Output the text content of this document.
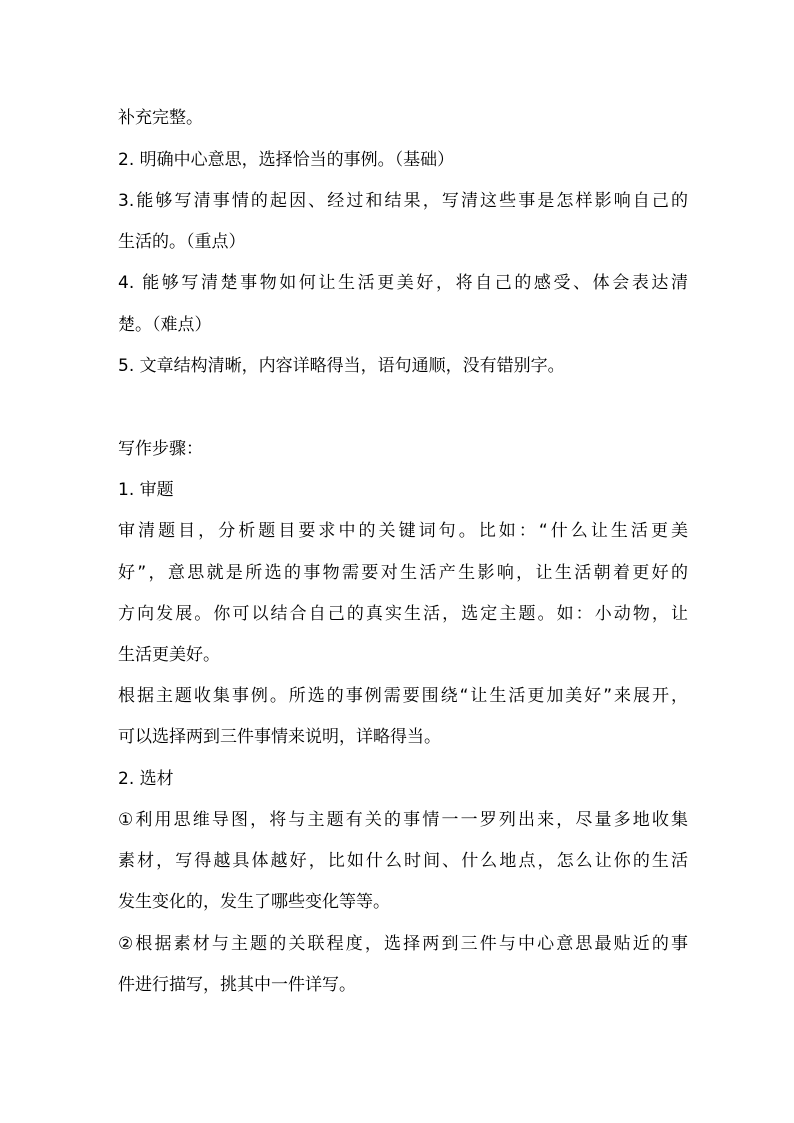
补充完整。
2. 明确中心意思，选择恰当的事例。（基础）
3.能够写清事情的起因、经过和结果，写清这些事是怎样影响自己的
生活的。（重点）
4. 能够写清楚事物如何让生活更美好，将自己的感受、体会表达清
楚。（难点）
5. 文章结构清晰，内容详略得当，语句通顺，没有错别字。
写作步骤：
1. 审题
审清题目，分析题目要求中的关键词句。比如：“什么让生活更美
好”，意思就是所选的事物需要对生活产生影响，让生活朝着更好的
方向发展。你可以结合自己的真实生活，选定主题。如：小动物，让
生活更美好。
根据主题收集事例。所选的事例需要围绕“让生活更加美好”来展开，
可以选择两到三件事情来说明，详略得当。
2. 选材
①利用思维导图，将与主题有关的事情一一罗列出来，尽量多地收集
素材，写得越具体越好，比如什么时间、什么地点，怎么让你的生活
发生变化的，发生了哪些变化等等。
②根据素材与主题的关联程度，选择两到三件与中心意思最贴近的事
件进行描写，挑其中一件详写。
